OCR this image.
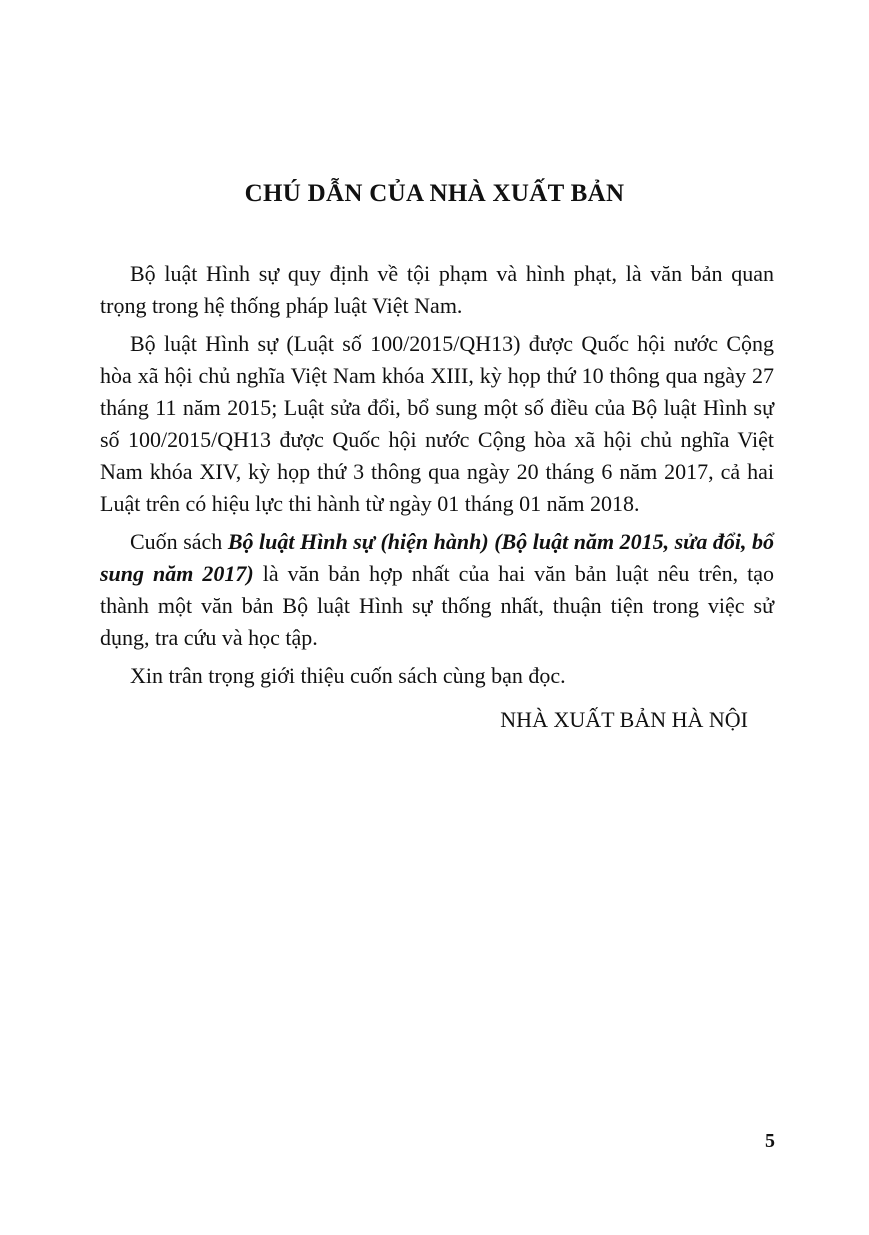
CHÚ DẪN CỦA NHÀ XUẤT BẢN

Bộ luật Hình sự quy định về tội phạm và hình phạt, là văn bản quan trọng trong hệ thống pháp luật Việt Nam.

Bộ luật Hình sự (Luật số 100/2015/QH13) được Quốc hội nước Cộng hòa xã hội chủ nghĩa Việt Nam khóa XIII, kỳ họp thứ 10 thông qua ngày 27 tháng 11 năm 2015; Luật sửa đổi, bổ sung một số điều của Bộ luật Hình sự số 100/2015/QH13 được Quốc hội nước Cộng hòa xã hội chủ nghĩa Việt Nam khóa XIV, kỳ họp thứ 3 thông qua ngày 20 tháng 6 năm 2017, cả hai Luật trên có hiệu lực thi hành từ ngày 01 tháng 01 năm 2018.

Cuốn sách Bộ luật Hình sự (hiện hành) (Bộ luật năm 2015, sửa đổi, bổ sung năm 2017) là văn bản hợp nhất của hai văn bản luật nêu trên, tạo thành một văn bản Bộ luật Hình sự thống nhất, thuận tiện trong việc sử dụng, tra cứu và học tập.

Xin trân trọng giới thiệu cuốn sách cùng bạn đọc.

NHÀ XUẤT BẢN HÀ NỘI
5
